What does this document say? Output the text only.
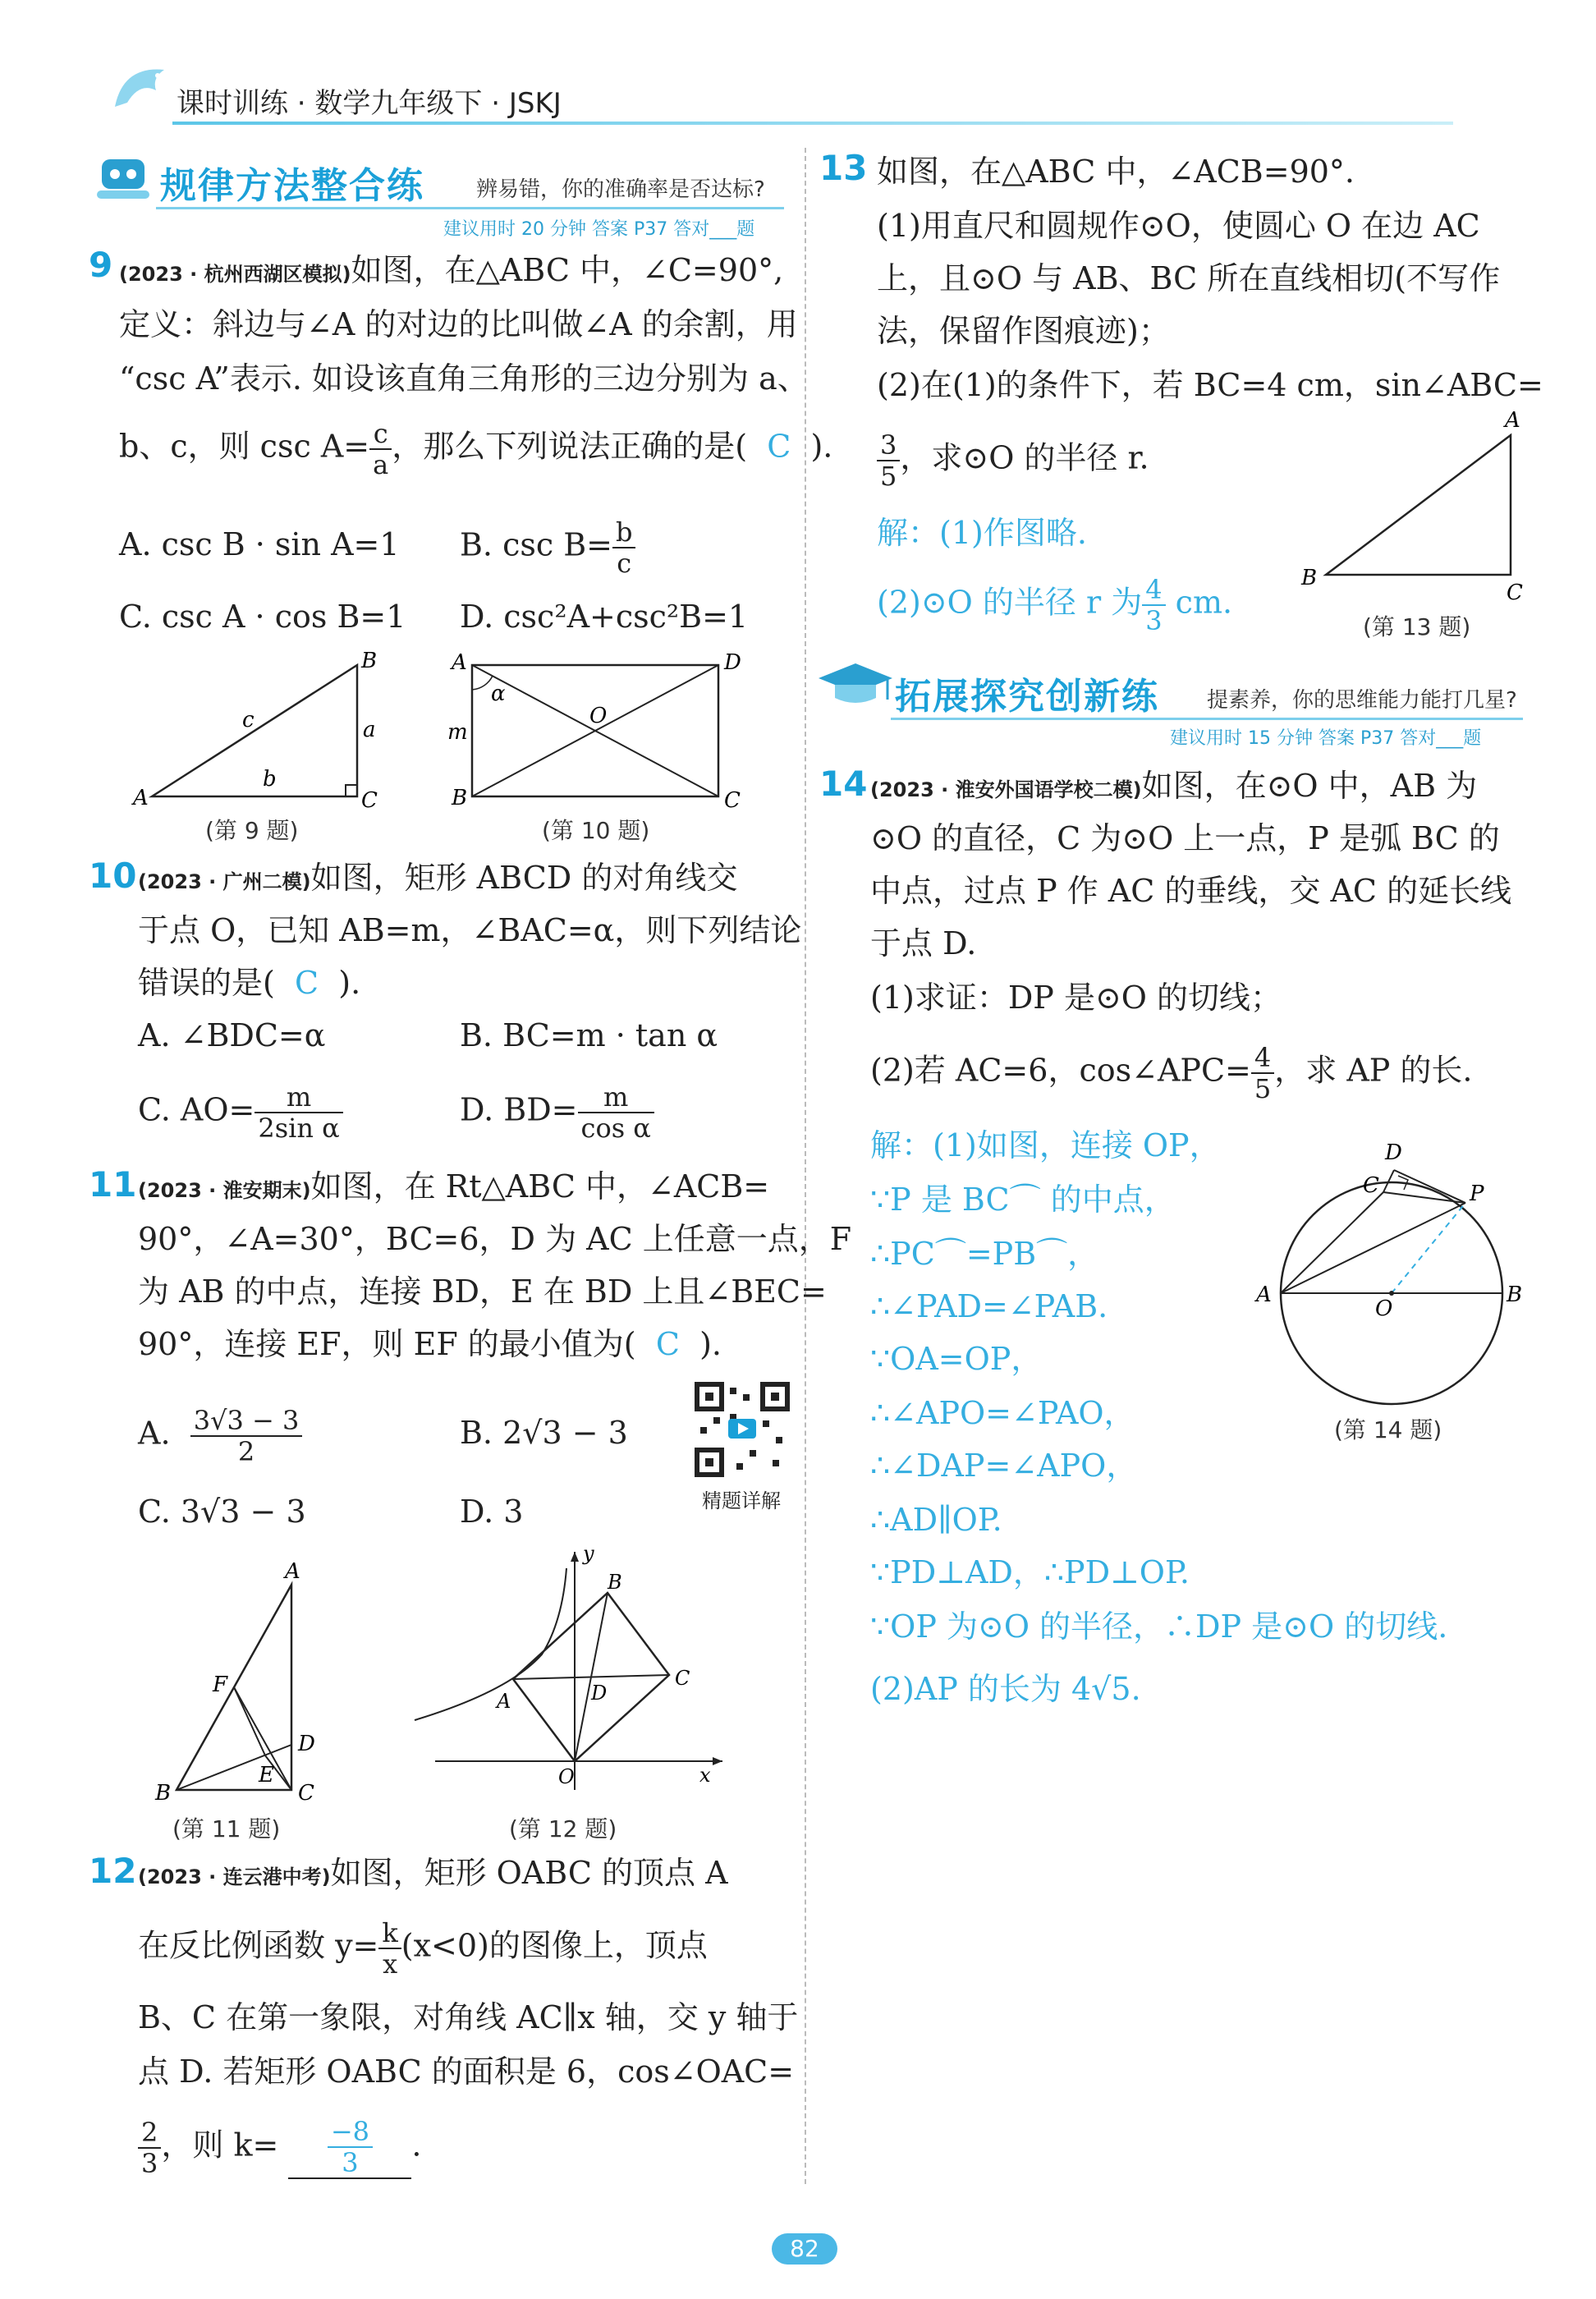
课时训练 · 数学九年级下 · JSKJ
规律方法整合练 辨易错，你的准确率是否达标?
建议用时 20 分钟 答案 P37 答对___题
9 (2023 · 杭州西湖区模拟)如图，在△ABC 中，∠C=90°,
定义：斜边与∠A 的对边的比叫做∠A 的余割，用
“csc A”表示. 如设该直角三角形的三边分别为 a、
b、c，则 $\csc A= \frac{c}{a}$ ，那么下列说法正确的是( C ).
A. csc B · sin A=1 B. $\csc B= \frac{b}{c}$
C. csc A · cos B=1 D. csc²A+csc²B=1
A
B
C
c	a
b
(第 9 题)
A	D
B	C
O
α
m
(第 10 题)
10 (2023 · 广州二模)如图，矩形 ABCD 的对角线交
于点 O，已知 AB=m，∠BAC=α，则下列结论
错误的是( C ).
A. ∠BDC=α	B. BC=m · tan α
C. $AO= \frac{m}{\text{2sin α}}$	D. $BD= \frac{m}{\text{cos α}}$
11 (2023 · 淮安期末)如图，在 Rt△ABC 中，∠ACB=
90°，∠A=30°，BC=6，D 为 AC 上任意一点，F
为 AB 的中点，连接 BD，E 在 BD 上且∠BEC=
90°，连接 EF，则 EF 的最小值为( C ).
A. $\frac{3√3 - 3}{2}$	B. 2√3 − 3
C. 3√3 − 3	D. 3	精题详解
A
B	C
D
E
F
(第 11 题)
y
x
O
A
B
C
D
(第 12 题)
12 (2023 · 连云港中考)如图，矩形 OABC 的顶点 A
在反比例函数 $y= \frac{k}{x} (x<0)$的图像上，顶点
B、C 在第一象限，对角线 AC∥x 轴，交 y 轴于
点 D. 若矩形 OABC 的面积是 6，cos∠OAC=
$\frac{2}{3}$ ，则 $k= \frac{-8}{3}$ .
13 如图，在△ABC 中，∠ACB=90°.
(1)用直尺和圆规作⊙O，使圆心 O 在边 AC
上，且⊙O 与 AB、BC 所在直线相切(不写作
法，保留作图痕迹)；
(2)在(1)的条件下，若 BC=4 cm，sin∠ABC=
$\frac{3}{5}$ ，求⊙O 的半径 r.
解：(1)作图略.
(2)⊙O 的半径 r 为 $\frac{4}{3}$ cm.
A
B
C
(第 13 题)
拓展探究创新练 提素养，你的思维能力能打几星?
建议用时 15 分钟 答案 P37 答对___题
14 (2023 · 淮安外国语学校二模)如图，在⊙O 中，AB 为
⊙O 的直径，C 为⊙O 上一点，P 是弧 BC 的
中点，过点 P 作 AC 的垂线，交 AC 的延长线
于点 D.
(1)求证：DP 是⊙O 的切线；
(2)若 AC=6，cos∠APC= $\frac{4}{5}$ ，求 AP 的长.
解：(1)如图，连接 OP，
∵P 是 BC⌒ 的中点，
∴PC⌒=PB⌒，
∴∠PAD=∠PAB.
∵OA=OP，
∴∠APO=∠PAO，
∴∠DAP=∠APO，
∴AD∥OP.
∵PD⊥AD，∴PD⊥OP.
∵OP 为⊙O 的半径，∴DP 是⊙O 的切线.
(2)AP 的长为 4√5.
A	B
C
D
P
O
(第 14 题)
82
